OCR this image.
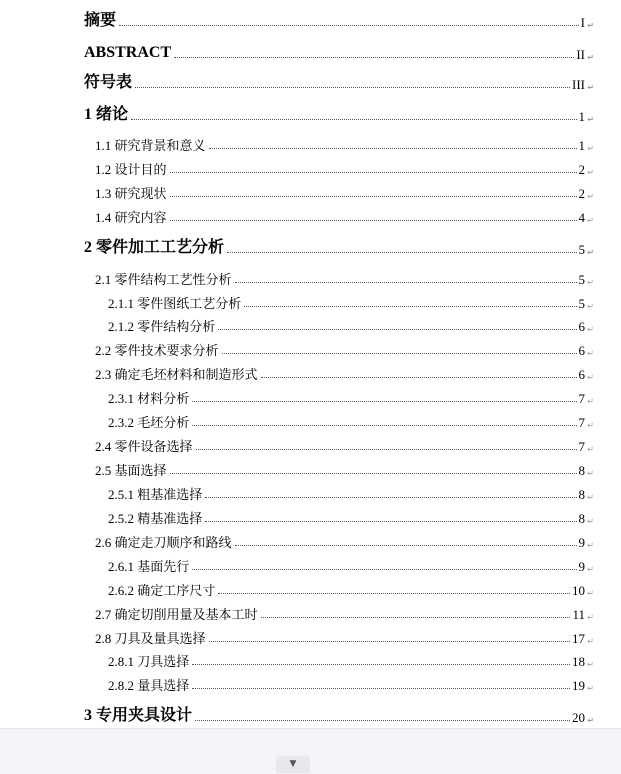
摘要	I ↵
ABSTRACT	II ↵
符号表	III ↵
1 绪论	1 ↵
1.1 研究背景和意义	1 ↵
1.2 设计目的	2 ↵
1.3 研究现状	2 ↵
1.4 研究内容	4 ↵
2 零件加工工艺分析	5 ↵
2.1 零件结构工艺性分析	5 ↵
2.1.1 零件图纸工艺分析	5 ↵
2.1.2 零件结构分析	6 ↵
2.2 零件技术要求分析	6 ↵
2.3 确定毛坯材料和制造形式	6 ↵
2.3.1 材料分析	7 ↵
2.3.2 毛坯分析	7 ↵
2.4 零件设备选择	7 ↵
2.5 基面选择	8 ↵
2.5.1 粗基准选择	8 ↵
2.5.2 精基准选择	8 ↵
2.6 确定走刀顺序和路线	9 ↵
2.6.1 基面先行	9 ↵
2.6.2 确定工序尺寸	10 ↵
2.7 确定切削用量及基本工时	11 ↵
2.8 刀具及量具选择	17 ↵
2.8.1 刀具选择	18 ↵
2.8.2 量具选择	19 ↵
3 专用夹具设计	20 ↵
▼
